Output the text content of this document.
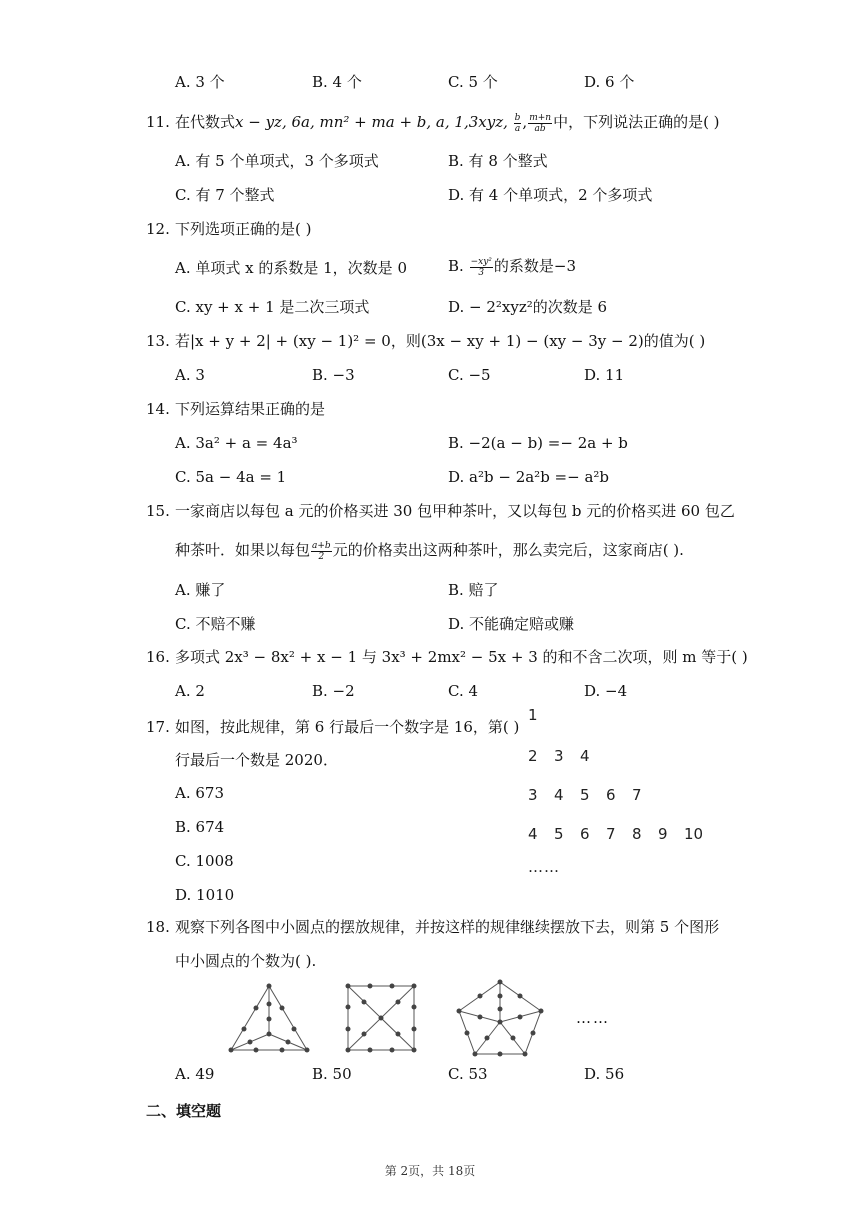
A. 3 个	B. 4 个	C. 5 个	D. 6 个
11. 在代数式x − yz, 6a, mn² + ma + b, a, 1,3xyz, $\frac{b}{a}$ , $\frac{m+n}{ab}$ 中，下列说法正确的是( )
A. 有 5 个单项式，3 个多项式	B. 有 8 个整式
C. 有 7 个整式	D. 有 4 个单项式，2 个多项式
12. 下列选项正确的是( )
A. 单项式 x 的系数是 1，次数是 0	B. $\frac{\text{−xy²}}{3}$ 的系数是−3
C. xy + x + 1 是二次三项式	D. − 2²xyz²的次数是 6
13. 若|x + y + 2| + (xy − 1)² = 0，则(3x − xy + 1) − (xy − 3y − 2)的值为( )
A. 3	B. −3	C. −5	D. 11
14. 下列运算结果正确的是
A. 3a² + a = 4a³	B. −2(a − b) =− 2a + b
C. 5a − 4a = 1	D. a²b − 2a²b =− a²b
15. 一家商店以每包 a 元的价格买进 30 包甲种茶叶，又以每包 b 元的价格买进 60 包乙
种茶叶．如果以每包 $\frac{a+b}{2}$ 元的价格卖出这两种茶叶，那么卖完后，这家商店( ).
A. 赚了	B. 赔了
C. 不赔不赚	D. 不能确定赔或赚
16. 多项式 2x³ − 8x² + x − 1 与 3x³ + 2mx² − 5x + 3 的和不含二次项，则 m 等于( )
A. 2	B. −2	C. 4	D. −4
17. 如图，按此规律，第 6 行最后一个数字是 16，第( )
行最后一个数是 2020．
A. 673
B. 674
C. 1008
D. 1010
1
2 3 4
3 4 5 6 7
4 5 6 7 8 9 10
……
18. 观察下列各图中小圆点的摆放规律，并按这样的规律继续摆放下去，则第 5 个图形
中小圆点的个数为( ).
……
A. 49	B. 50	C. 53	D. 56
二、填空题
第 2页，共 18页
